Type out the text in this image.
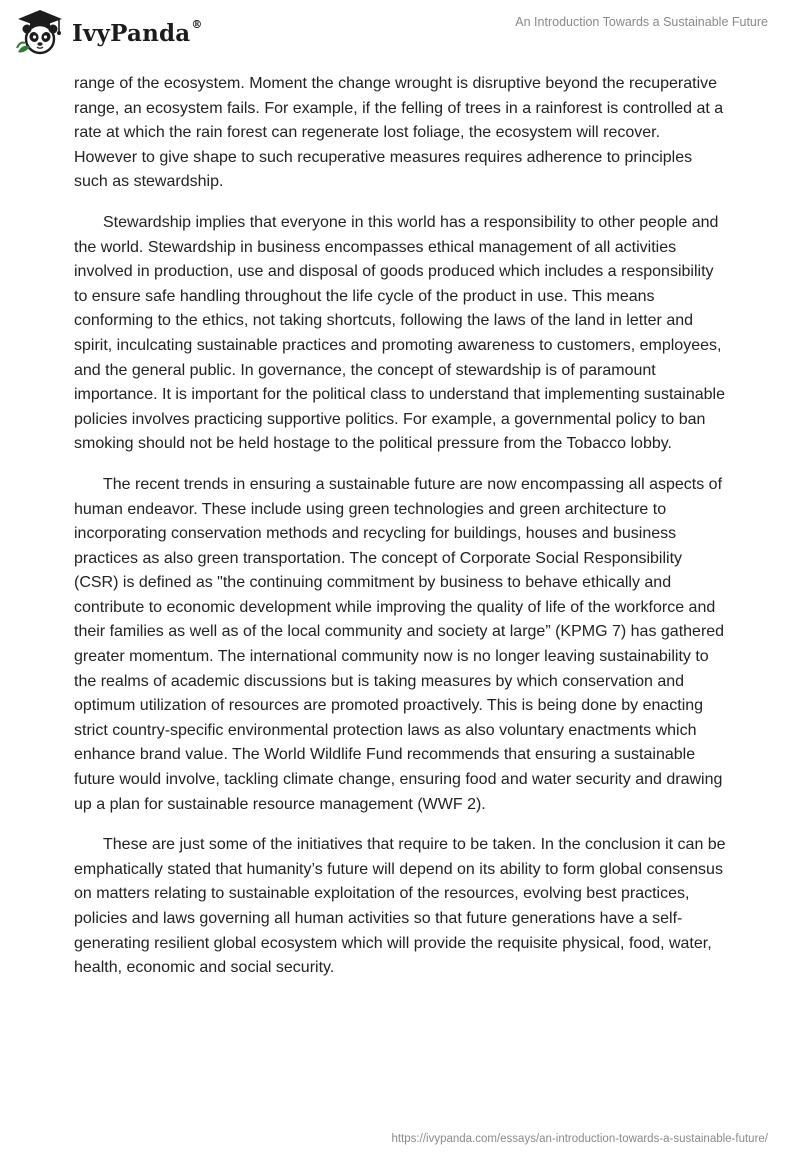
IvyPanda®	An Introduction Towards a Sustainable Future

range of the ecosystem. Moment the change wrought is disruptive beyond the recuperative range, an ecosystem fails. For example, if the felling of trees in a rainforest is controlled at a rate at which the rain forest can regenerate lost foliage, the ecosystem will recover. However to give shape to such recuperative measures requires adherence to principles such as stewardship.

Stewardship implies that everyone in this world has a responsibility to other people and the world. Stewardship in business encompasses ethical management of all activities involved in production, use and disposal of goods produced which includes a responsibility to ensure safe handling throughout the life cycle of the product in use. This means conforming to the ethics, not taking shortcuts, following the laws of the land in letter and spirit, inculcating sustainable practices and promoting awareness to customers, employees, and the general public. In governance, the concept of stewardship is of paramount importance. It is important for the political class to understand that implementing sustainable policies involves practicing supportive politics. For example, a governmental policy to ban smoking should not be held hostage to the political pressure from the Tobacco lobby.

The recent trends in ensuring a sustainable future are now encompassing all aspects of human endeavor. These include using green technologies and green architecture to incorporating conservation methods and recycling for buildings, houses and business practices as also green transportation. The concept of Corporate Social Responsibility (CSR) is defined as "the continuing commitment by business to behave ethically and contribute to economic development while improving the quality of life of the workforce and their families as well as of the local community and society at large” (KPMG 7) has gathered greater momentum. The international community now is no longer leaving sustainability to the realms of academic discussions but is taking measures by which conservation and optimum utilization of resources are promoted proactively. This is being done by enacting strict country-specific environmental protection laws as also voluntary enactments which enhance brand value. The World Wildlife Fund recommends that ensuring a sustainable future would involve, tackling climate change, ensuring food and water security and drawing up a plan for sustainable resource management (WWF 2).

These are just some of the initiatives that require to be taken. In the conclusion it can be emphatically stated that humanity’s future will depend on its ability to form global consensus on matters relating to sustainable exploitation of the resources, evolving best practices, policies and laws governing all human activities so that future generations have a self-generating resilient global ecosystem which will provide the requisite physical, food, water, health, economic and social security.

https://ivypanda.com/essays/an-introduction-towards-a-sustainable-future/
